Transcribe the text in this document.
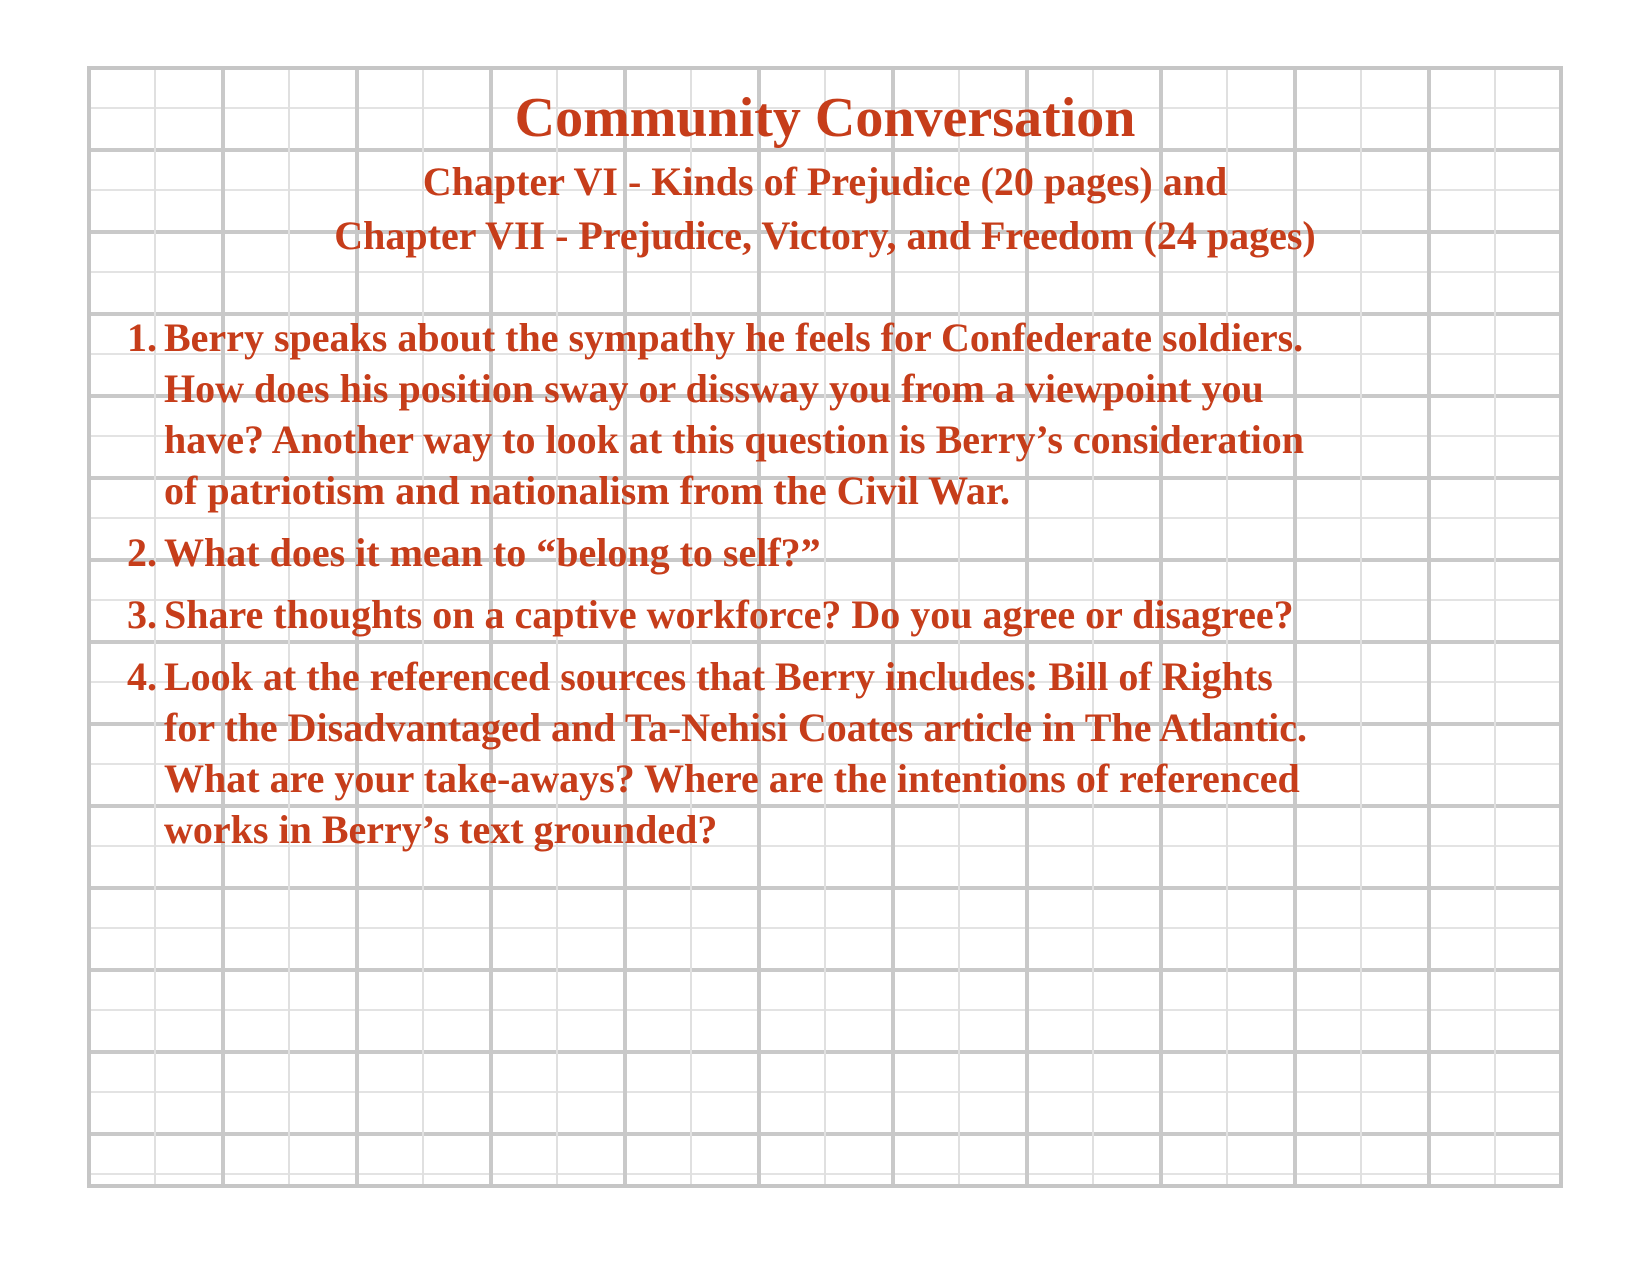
Community Conversation
Chapter VI - Kinds of Prejudice (20 pages) and
Chapter VII - Prejudice, Victory, and Freedom (24 pages)
1. Berry speaks about the sympathy he feels for Confederate soldiers.
How does his position sway or dissway you from a viewpoint you
have? Another way to look at this question is Berry’s consideration
of patriotism and nationalism from the Civil War.
2. What does it mean to “belong to self?”
3. Share thoughts on a captive workforce? Do you agree or disagree?
4. Look at the referenced sources that Berry includes: Bill of Rights
for the Disadvantaged and Ta-Nehisi Coates article in The Atlantic.
What are your take-aways? Where are the intentions of referenced
works in Berry’s text grounded?
